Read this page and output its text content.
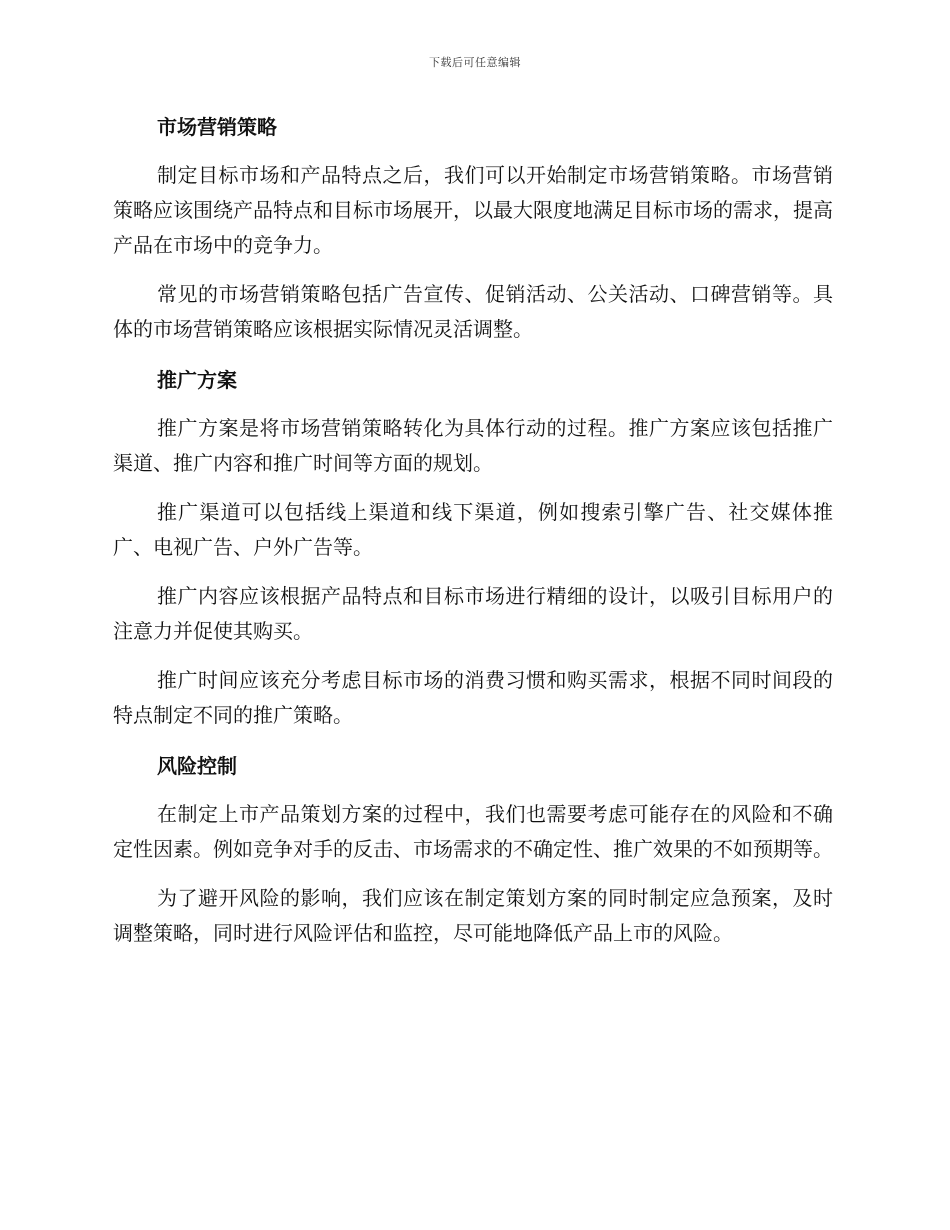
下载后可任意编辑
市场营销策略

制定目标市场和产品特点之后，我们可以开始制定市场营销策略。市场营销策略应该围绕产品特点和目标市场展开，以最大限度地满足目标市场的需求，提高产品在市场中的竞争力。

常见的市场营销策略包括广告宣传、促销活动、公关活动、口碑营销等。具体的市场营销策略应该根据实际情况灵活调整。

推广方案

推广方案是将市场营销策略转化为具体行动的过程。推广方案应该包括推广渠道、推广内容和推广时间等方面的规划。

推广渠道可以包括线上渠道和线下渠道，例如搜索引擎广告、社交媒体推广、电视广告、户外广告等。

推广内容应该根据产品特点和目标市场进行精细的设计，以吸引目标用户的注意力并促使其购买。

推广时间应该充分考虑目标市场的消费习惯和购买需求，根据不同时间段的特点制定不同的推广策略。

风险控制

在制定上市产品策划方案的过程中，我们也需要考虑可能存在的风险和不确定性因素。例如竞争对手的反击、市场需求的不确定性、推广效果的不如预期等。

为了避开风险的影响，我们应该在制定策划方案的同时制定应急预案，及时调整策略，同时进行风险评估和监控，尽可能地降低产品上市的风险。
